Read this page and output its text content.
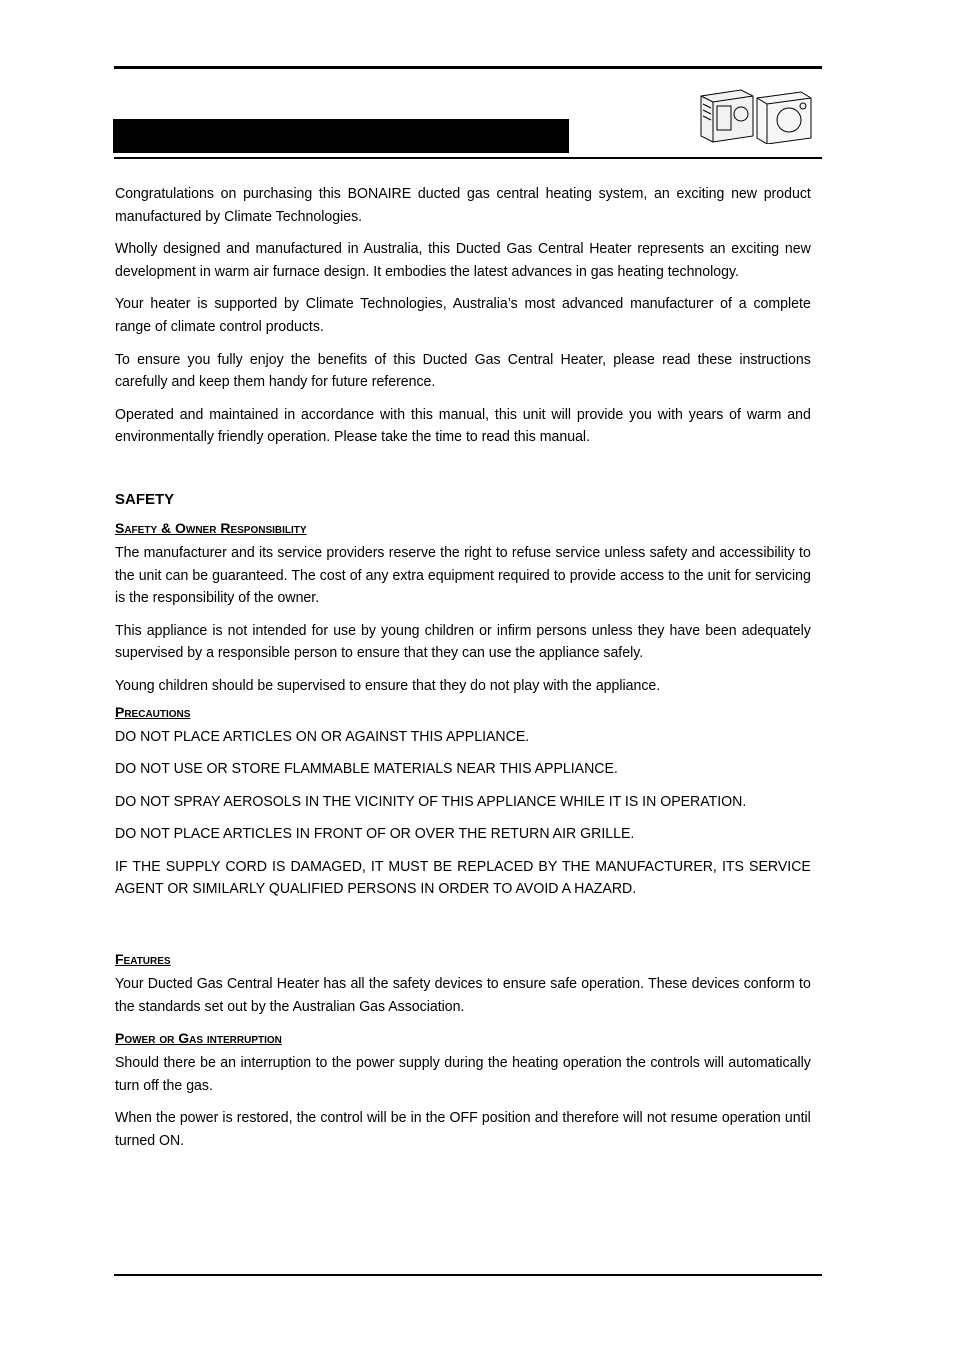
Congratulations on purchasing this BONAIRE ducted gas central heating system, an exciting new product manufactured by Climate Technologies.

Wholly designed and manufactured in Australia, this Ducted Gas Central Heater represents an exciting new development in warm air furnace design. It embodies the latest advances in gas heating technology.

Your heater is supported by Climate Technologies, Australia’s most advanced manufacturer of a complete range of climate control products.

To ensure you fully enjoy the benefits of this Ducted Gas Central Heater, please read these instructions carefully and keep them handy for future reference.

Operated and maintained in accordance with this manual, this unit will provide you with years of warm and environmentally friendly operation. Please take the time to read this manual.

SAFETY
Safety & Owner Responsibility

The manufacturer and its service providers reserve the right to refuse service unless safety and accessibility to the unit can be guaranteed. The cost of any extra equipment required to provide access to the unit for servicing is the responsibility of the owner.

This appliance is not intended for use by young children or infirm persons unless they have been adequately supervised by a responsible person to ensure that they can use the appliance safely.

Young children should be supervised to ensure that they do not play with the appliance.

Precautions

DO NOT PLACE ARTICLES ON OR AGAINST THIS APPLIANCE.

DO NOT USE OR STORE FLAMMABLE MATERIALS NEAR THIS APPLIANCE.

DO NOT SPRAY AEROSOLS IN THE VICINITY OF THIS APPLIANCE WHILE IT IS IN OPERATION.

DO NOT PLACE ARTICLES IN FRONT OF OR OVER THE RETURN AIR GRILLE.

IF THE SUPPLY CORD IS DAMAGED, IT MUST BE REPLACED BY THE MANUFACTURER, ITS SERVICE AGENT OR SIMILARLY QUALIFIED PERSONS IN ORDER TO AVOID A HAZARD.

Features

Your Ducted Gas Central Heater has all the safety devices to ensure safe operation. These devices conform to the standards set out by the Australian Gas Association.

Power or Gas interruption

Should there be an interruption to the power supply during the heating operation the controls will automatically turn off the gas.

When the power is restored, the control will be in the OFF position and therefore will not resume operation until turned ON.
